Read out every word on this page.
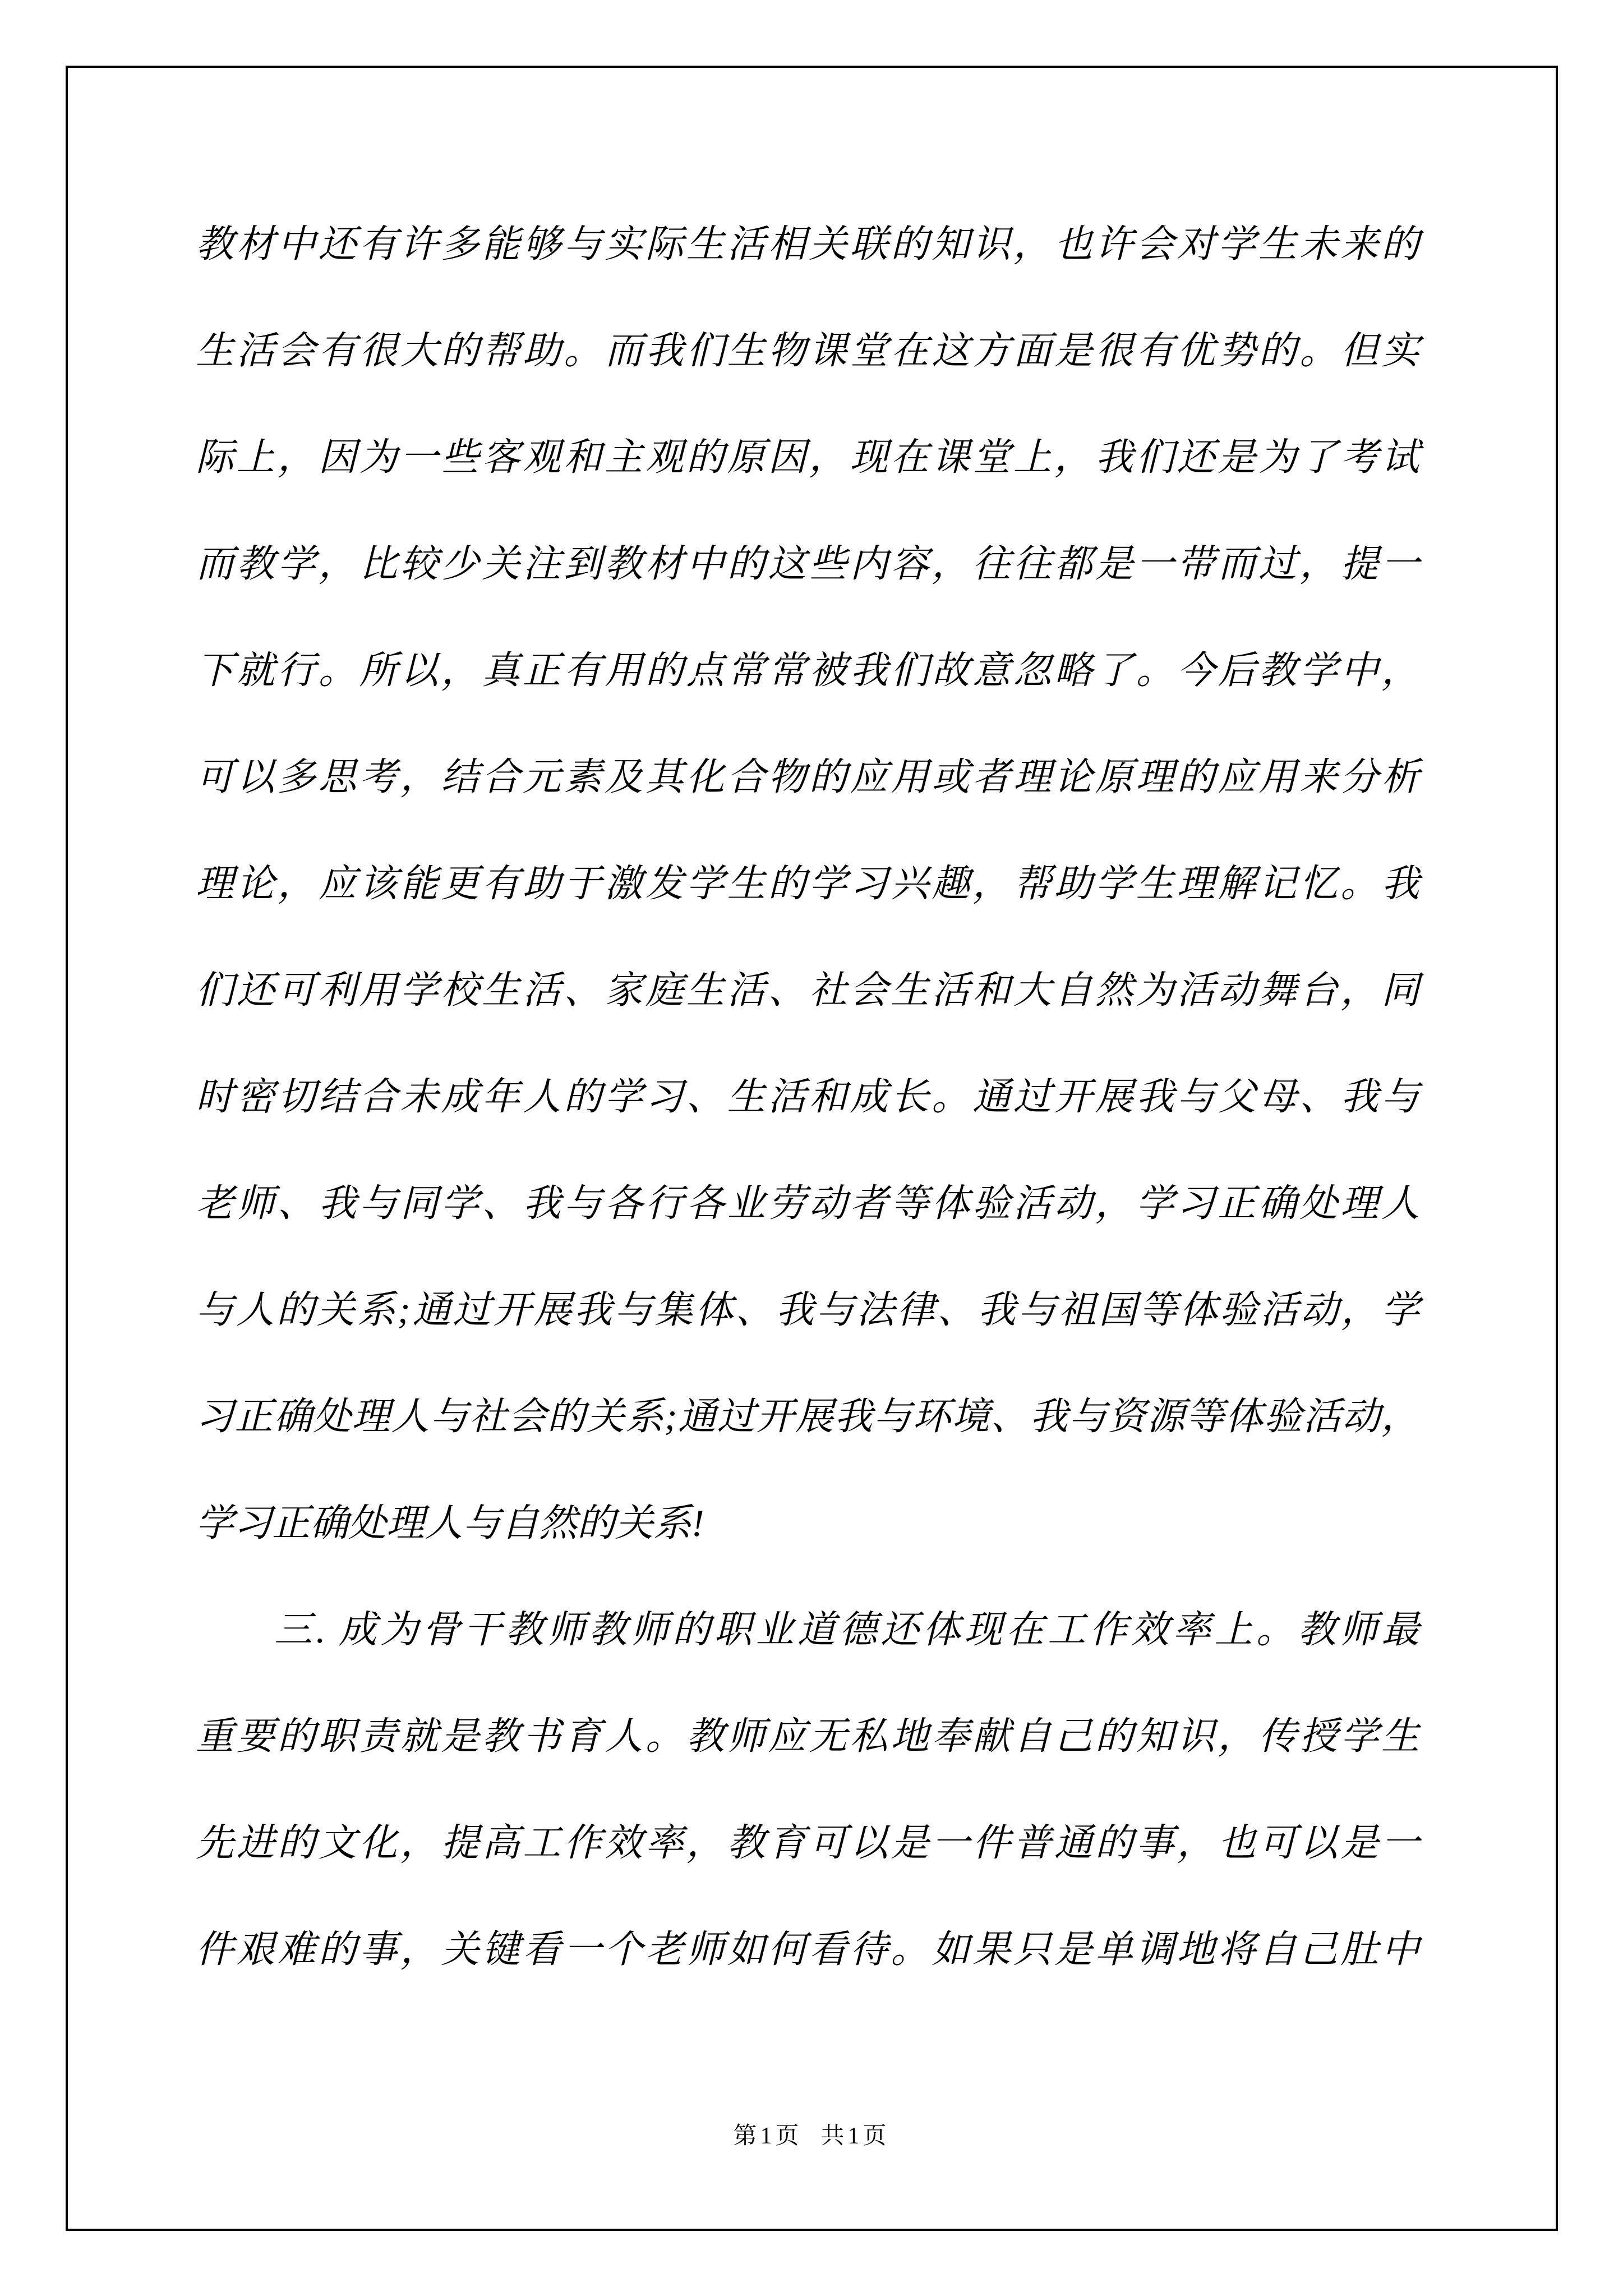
教材中还有许多能够与实际生活相关联的知识，也许会对学生未来的
生活会有很大的帮助。而我们生物课堂在这方面是很有优势的。但实
际上，因为一些客观和主观的原因，现在课堂上，我们还是为了考试
而教学，比较少关注到教材中的这些内容，往往都是一带而过，提一
下就行。所以，真正有用的点常常被我们故意忽略了。今后教学中，
可以多思考，结合元素及其化合物的应用或者理论原理的应用来分析
理论，应该能更有助于激发学生的学习兴趣，帮助学生理解记忆。我
们还可利用学校生活、家庭生活、社会生活和大自然为活动舞台，同
时密切结合未成年人的学习、生活和成长。通过开展我与父母、我与
老师、我与同学、我与各行各业劳动者等体验活动，学习正确处理人
与人的关系;通过开展我与集体、我与法律、我与祖国等体验活动，学
习正确处理人与社会的关系;通过开展我与环境、我与资源等体验活动，
学习正确处理人与自然的关系!
三. 成为骨干教师教师的职业道德还体现在工作效率上。教师最
重要的职责就是教书育人。教师应无私地奉献自己的知识，传授学生
先进的文化，提高工作效率，教育可以是一件普通的事，也可以是一
件艰难的事，关键看一个老师如何看待。如果只是单调地将自己肚中
第1页  共1页
